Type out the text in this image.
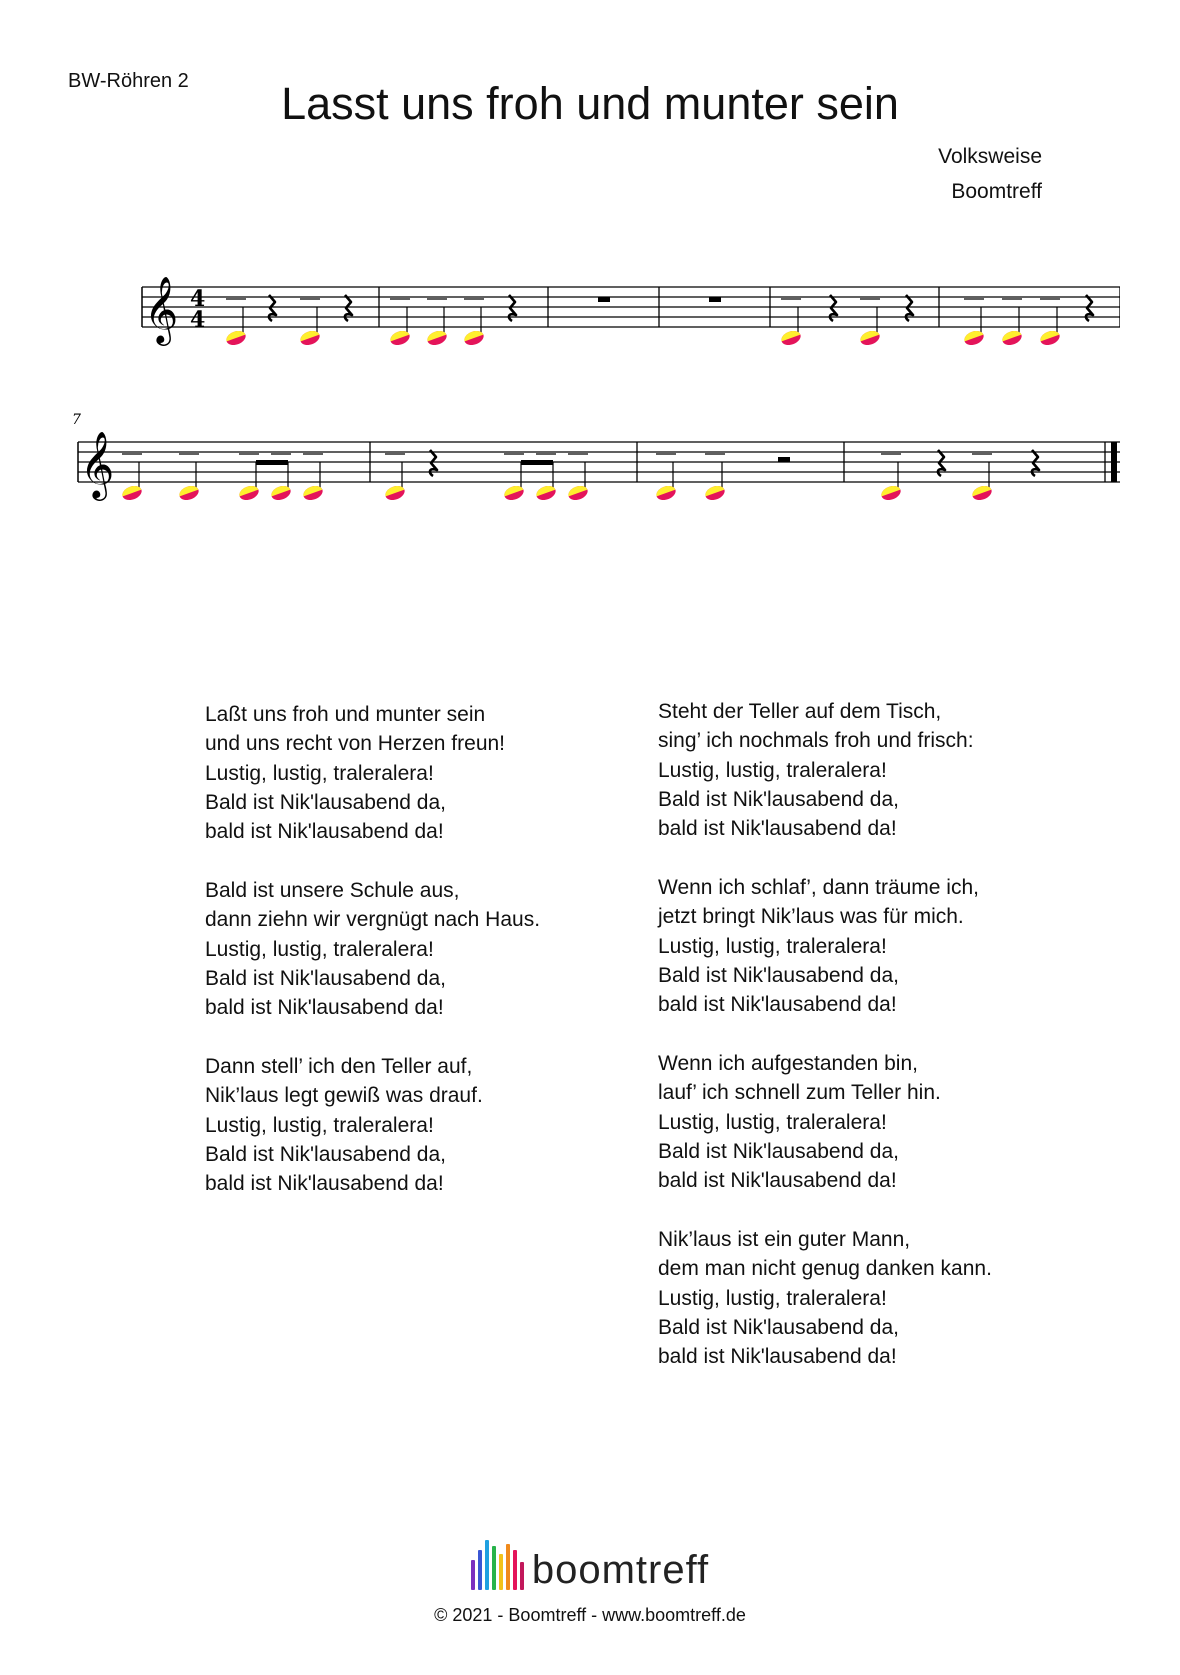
BW-Röhren 2	Lasst uns froh und munter sein
Volksweise
Boomtreff
𝄞 4
4
7
𝄞
Laßt uns froh und munter sein
und uns recht von Herzen freun!
Lustig, lustig, traleralera!
Bald ist Nik'lausabend da,
bald ist Nik'lausabend da!
Bald ist unsere Schule aus,
dann ziehn wir vergnügt nach Haus.
Lustig, lustig, traleralera!
Bald ist Nik'lausabend da,
bald ist Nik'lausabend da!
Dann stell’ ich den Teller auf,
Nik’laus legt gewiß was drauf.
Lustig, lustig, traleralera!
Bald ist Nik'lausabend da,
bald ist Nik'lausabend da!
Steht der Teller auf dem Tisch,
sing’ ich nochmals froh und frisch:
Lustig, lustig, traleralera!
Bald ist Nik'lausabend da,
bald ist Nik'lausabend da!
Wenn ich schlaf’, dann träume ich,
jetzt bringt Nik’laus was für mich.
Lustig, lustig, traleralera!
Bald ist Nik'lausabend da,
bald ist Nik'lausabend da!
Wenn ich aufgestanden bin,
lauf’ ich schnell zum Teller hin.
Lustig, lustig, traleralera!
Bald ist Nik'lausabend da,
bald ist Nik'lausabend da!
Nik’laus ist ein guter Mann,
dem man nicht genug danken kann.
Lustig, lustig, traleralera!
Bald ist Nik'lausabend da,
bald ist Nik'lausabend da!
boomtreff
© 2021 - Boomtreff - www.boomtreff.de
